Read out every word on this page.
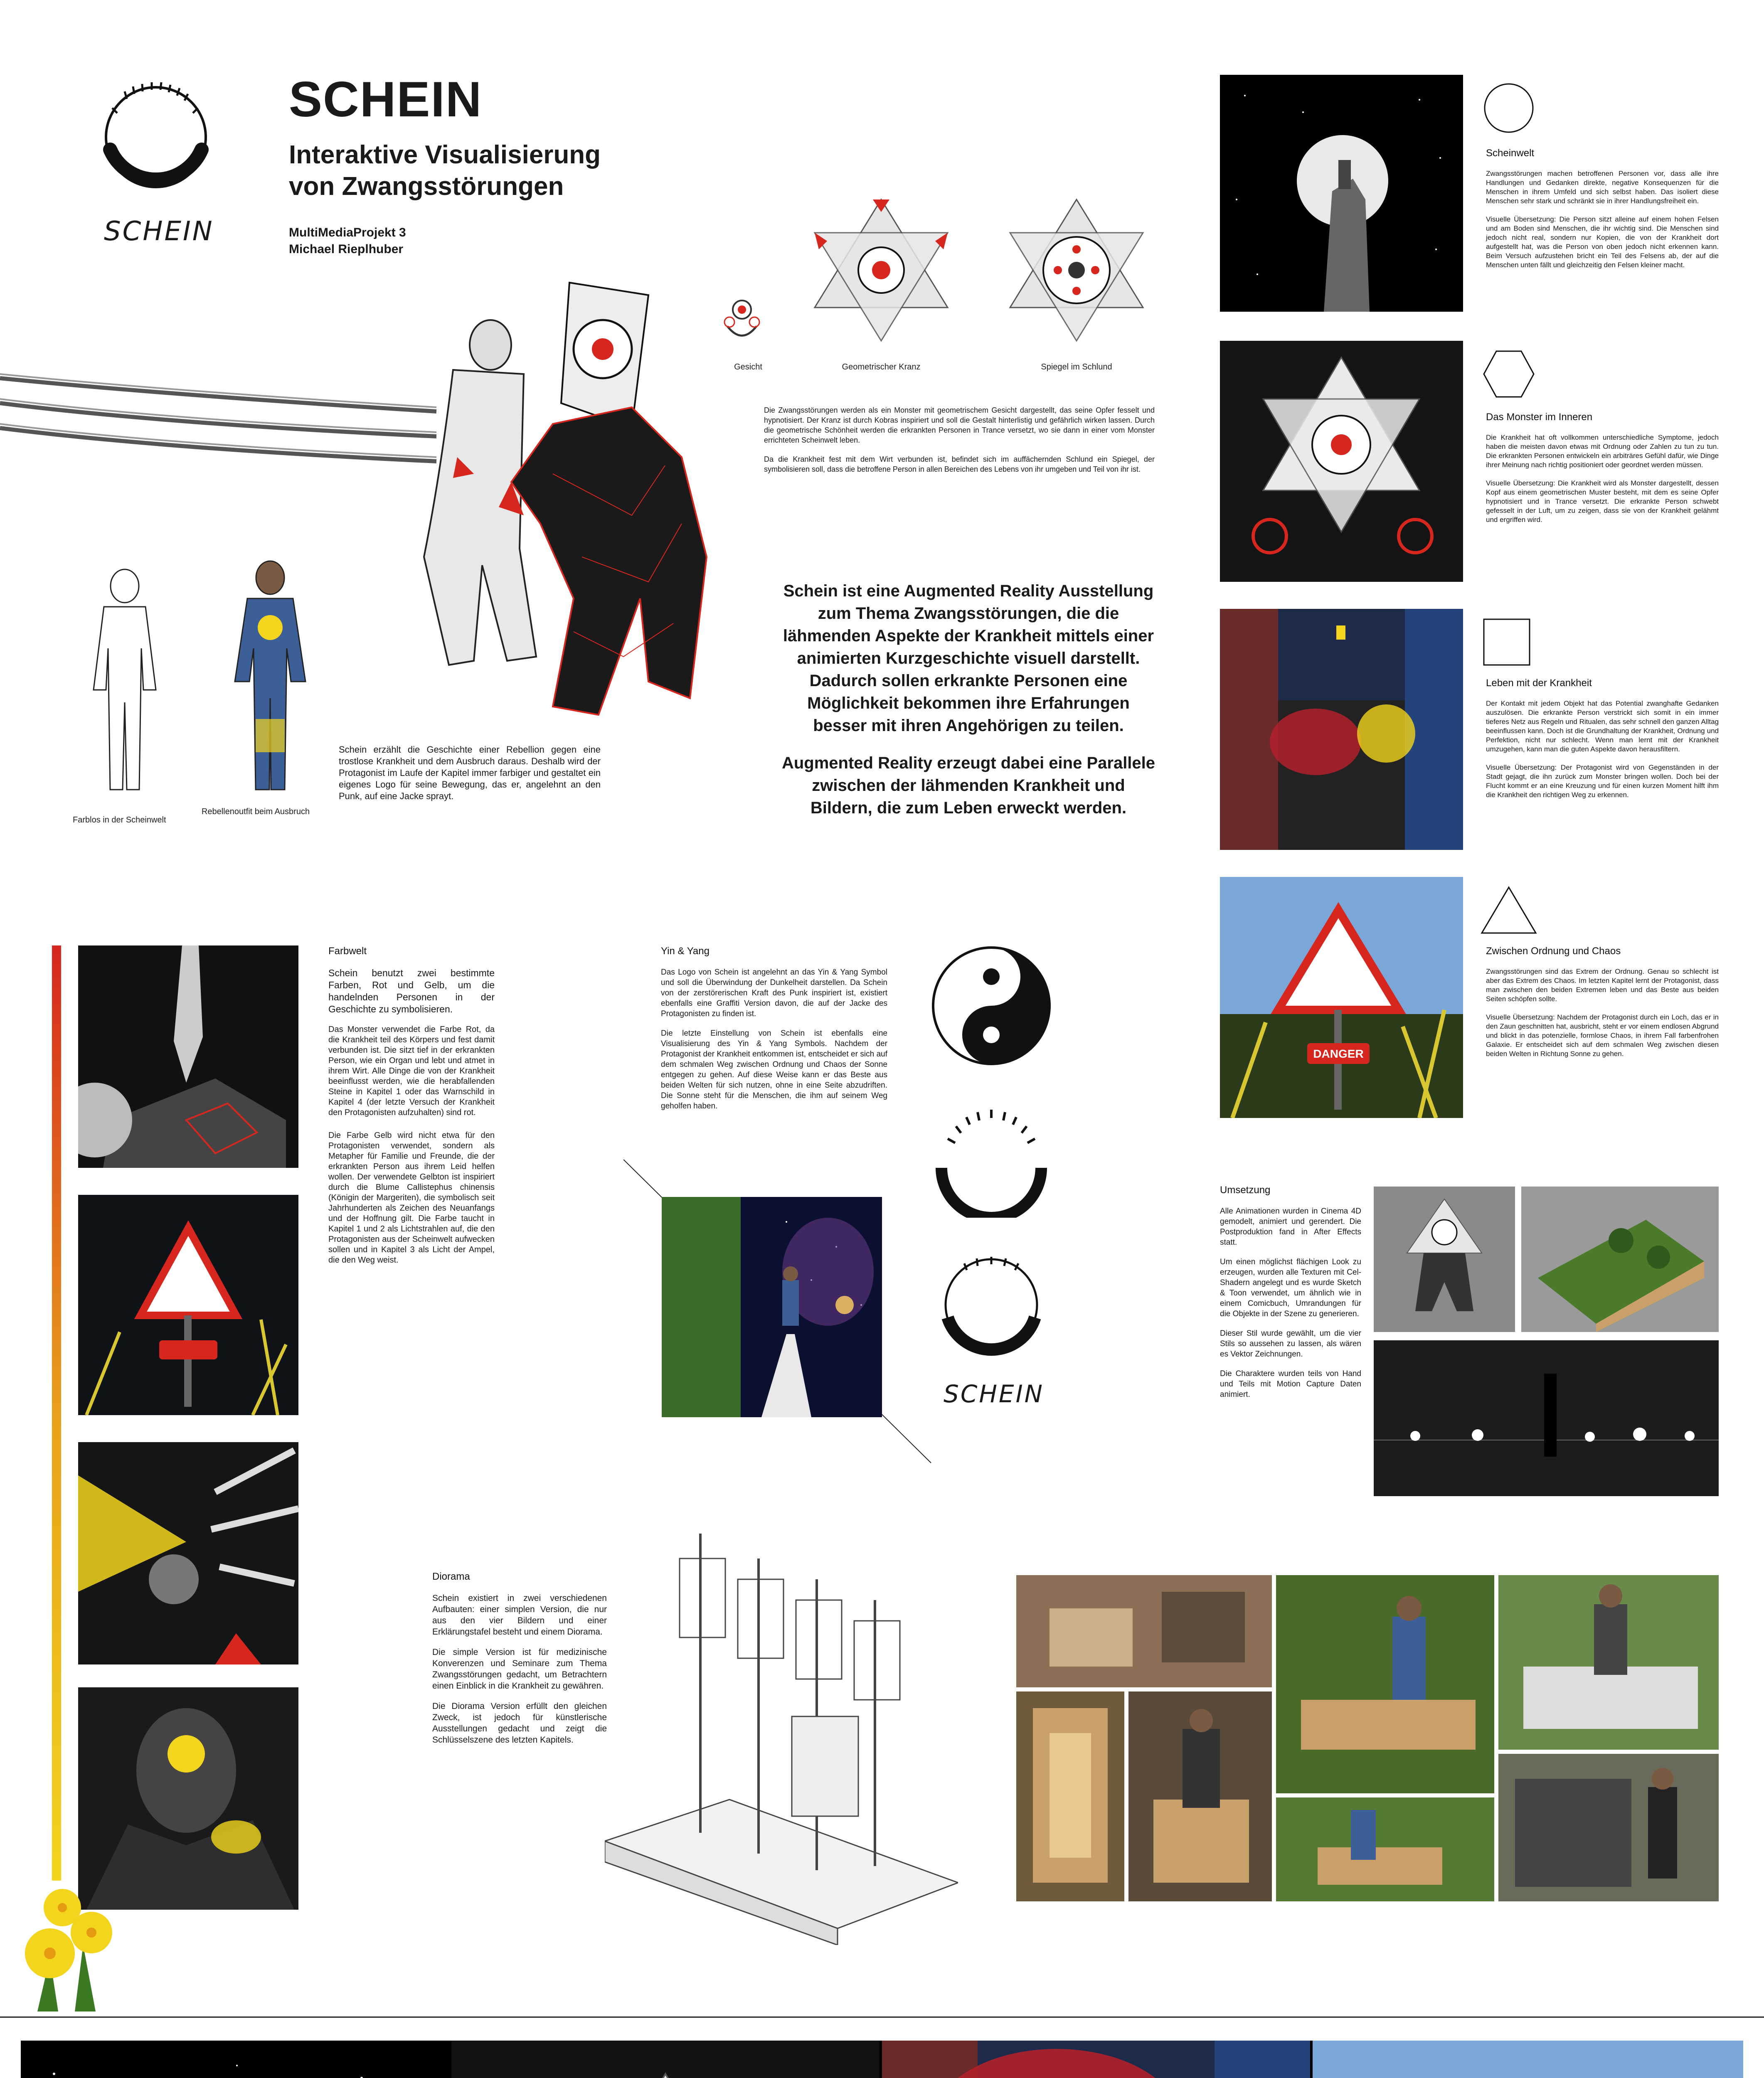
SCHEIN
SCHEIN
Interaktive Visualisierung
von Zwangsstörungen
MultiMediaProjekt 3
Michael Rieplhuber
Gesicht	Geometrischer Kranz	Spiegel im Schlund

Die Zwangsstörungen werden als ein Monster mit geometrischem Gesicht dargestellt, das seine Opfer fesselt und hypnotisiert. Der Kranz ist durch Kobras inspiriert und soll die Gestalt hinterlistig und gefährlich wirken lassen. Durch die geometrische Schönheit werden die erkrankten Personen in Trance versetzt, wo sie dann in einer vom Monster errichteten Scheinwelt leben.

Da die Krankheit fest mit dem Wirt verbunden ist, befindet sich im auffächernden Schlund ein Spiegel, der symbolisieren soll, dass die betroffene Person in allen Bereichen des Lebens von ihr umgeben und Teil von ihr ist.

Farblos in der Scheinwelt
Rebellenoutfit beim Ausbruch
Schein erzählt die Geschichte einer Rebellion gegen eine trostlose Krankheit und dem Ausbruch daraus. Deshalb wird der Protagonist im Laufe der Kapitel immer farbiger und gestaltet ein eigenes Logo für seine Bewegung, das er, angelehnt an den Punk, auf eine Jacke sprayt.

Schein ist eine Augmented Reality Ausstellung zum Thema Zwangsstörungen, die die lähmenden Aspekte der Krankheit mittels einer animierten Kurzgeschichte visuell darstellt. Dadurch sollen erkrankte Personen eine Möglichkeit bekommen ihre Erfahrungen besser mit ihren Angehörigen zu teilen.

Augmented Reality erzeugt dabei eine Parallele zwischen der lähmenden Krankheit und Bildern, die zum Leben erweckt werden.

Scheinwelt

Zwangsstörungen machen betroffenen Personen vor, dass alle ihre Handlungen und Gedanken direkte, negative Konsequenzen für die Menschen in ihrem Umfeld und sich selbst haben. Das isoliert diese Menschen sehr stark und schränkt sie in ihrer Handlungsfreiheit ein.

Visuelle Übersetzung: Die Person sitzt alleine auf einem hohen Felsen und am Boden sind Menschen, die ihr wichtig sind. Die Menschen sind jedoch nicht real, sondern nur Kopien, die von der Krankheit dort aufgestellt hat, was die Person von oben jedoch nicht erkennen kann. Beim Versuch aufzustehen bricht ein Teil des Felsens ab, der auf die Menschen unten fällt und gleichzeitig den Felsen kleiner macht.

Das Monster im Inneren

Die Krankheit hat oft vollkommen unterschiedliche Symptome, jedoch haben die meisten davon etwas mit Ordnung oder Zahlen zu tun zu tun. Die erkrankten Personen entwickeln ein arbiträres Gefühl dafür, wie Dinge ihrer Meinung nach richtig positioniert oder geordnet werden müssen.

Visuelle Übersetzung: Die Krankheit wird als Monster dargestellt, dessen Kopf aus einem geometrischen Muster besteht, mit dem es seine Opfer hypnotisiert und in Trance versetzt. Die erkrankte Person schwebt gefesselt in der Luft, um zu zeigen, dass sie von der Krankheit gelähmt und ergriffen wird.

Leben mit der Krankheit

Der Kontakt mit jedem Objekt hat das Potential zwanghafte Gedanken auszulösen. Die erkrankte Person verstrickt sich somit in ein immer tieferes Netz aus Regeln und Ritualen, das sehr schnell den ganzen Alltag beeinflussen kann. Doch ist die Grundhaltung der Krankheit, Ordnung und Perfektion, nicht nur schlecht. Wenn man lernt mit der Krankheit umzugehen, kann man die guten Aspekte davon herausfiltern.

Visuelle Übersetzung: Der Protagonist wird von Gegenständen in der Stadt gejagt, die ihn zurück zum Monster bringen wollen. Doch bei der Flucht kommt er an eine Kreuzung und für einen kurzen Moment hilft ihm die Krankheit den richtigen Weg zu erkennen.

DANGER
Zwischen Ordnung und Chaos

Zwangsstörungen sind das Extrem der Ordnung. Genau so schlecht ist aber das Extrem des Chaos. Im letzten Kapitel lernt der Protagonist, dass man zwischen den beiden Extremen leben und das Beste aus beiden Seiten schöpfen sollte.

Visuelle Übersetzung: Nachdem der Protagonist durch ein Loch, das er in den Zaun geschnitten hat, ausbricht, steht er vor einem endlosen Abgrund und blickt in das potenzielle, formlose Chaos, in ihrem Fall farbenfrohen Galaxie. Er entscheidet sich auf dem schmalen Weg zwischen diesen beiden Welten in Richtung Sonne zu gehen.

Farbwelt

Schein benutzt zwei bestimmte Farben, Rot und Gelb, um die handelnden Personen in der Geschichte zu symbolisieren.

Das Monster verwendet die Farbe Rot, da die Krankheit teil des Körpers und fest damit verbunden ist. Die sitzt tief in der erkrankten Person, wie ein Organ und lebt und atmet in ihrem Wirt. Alle Dinge die von der Krankheit beeinflusst werden, wie die herabfallenden Steine in Kapitel 1 oder das Warnschild in Kapitel 4 (der letzte Versuch der Krankheit den Protagonisten aufzuhalten) sind rot.

Die Farbe Gelb wird nicht etwa für den Protagonisten verwendet, sondern als Metapher für Familie und Freunde, die der erkrankten Person aus ihrem Leid helfen wollen. Der verwendete Gelbton ist inspiriert durch die Blume Callistephus chinensis (Königin der Margeriten), die symbolisch seit Jahrhunderten als Zeichen des Neuanfangs und der Hoffnung gilt. Die Farbe taucht in Kapitel 1 und 2 als Lichtstrahlen auf, die den Protagonisten aus der Scheinwelt aufwecken sollen und in Kapitel 3 als Licht der Ampel, die den Weg weist.

Yin & Yang

Das Logo von Schein ist angelehnt an das Yin & Yang Symbol und soll die Überwindung der Dunkelheit darstellen. Da Schein von der zerstörerischen Kraft des Punk inspiriert ist, existiert ebenfalls eine Graffiti Version davon, die auf der Jacke des Protagonisten zu finden ist.

Die letzte Einstellung von Schein ist ebenfalls eine Visualisierung des Yin & Yang Symbols. Nachdem der Protagonist der Krankheit entkommen ist, entscheidet er sich auf dem schmalen Weg zwischen Ordnung und Chaos der Sonne entgegen zu gehen. Auf diese Weise kann er das Beste aus beiden Welten für sich nutzen, ohne in eine Seite abzudriften. Die Sonne steht für die Menschen, die ihm auf seinem Weg geholfen haben.

SCHEIN
Umsetzung

Alle Animationen wurden in Cinema 4D gemodelt, animiert und gerendert. Die Postproduktion fand in After Effects statt.

Um einen möglichst flächigen Look zu erzeugen, wurden alle Texturen mit Cel-Shadern angelegt und es wurde Sketch & Toon verwendet, um ähnlich wie in einem Comicbuch, Umrandungen für die Objekte in der Szene zu generieren.

Dieser Stil wurde gewählt, um die vier Stils so aussehen zu lassen, als wären es Vektor Zeichnungen.

Die Charaktere wurden teils von Hand und Teils mit Motion Capture Daten animiert.

Diorama

Schein existiert in zwei verschiedenen Aufbauten: einer simplen Version, die nur aus den vier Bildern und einer Erklärungstafel besteht und einem Diorama.

Die simple Version ist für medizinische Konverenzen und Seminare zum Thema Zwangsstörungen gedacht, um Betrachtern einen Einblick in die Krankheit zu gewähren.

Die Diorama Version erfüllt den gleichen Zweck, ist jedoch für künstlerische Ausstellungen gedacht und zeigt die Schlüsselszene des letzten Kapitels.
